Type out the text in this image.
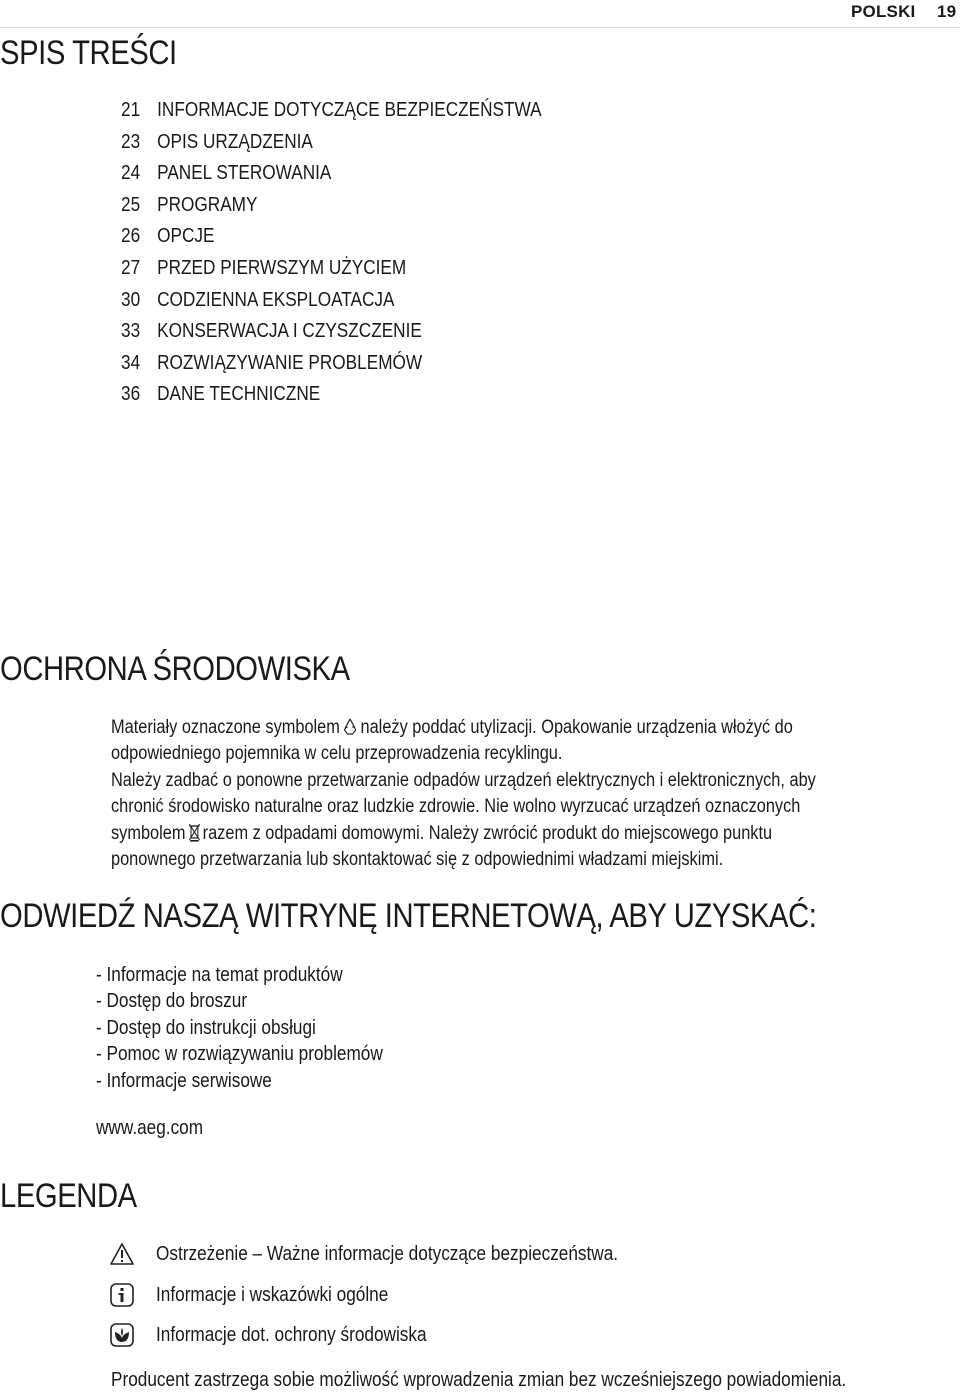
POLSKI 19
SPIS TREŚCI
21 INFORMACJE DOTYCZĄCE BEZPIECZEŃSTWA
23 OPIS URZĄDZENIA
24 PANEL STEROWANIA
25 PROGRAMY
26 OPCJE
27 PRZED PIERWSZYM UŻYCIEM
30 CODZIENNA EKSPLOATACJA
33 KONSERWACJA I CZYSZCZENIE
34 ROZWIĄZYWANIE PROBLEMÓW
36 DANE TECHNICZNE
OCHRONA ŚRODOWISKA
Materiały oznaczone symbolem należy poddać utylizacji. Opakowanie urządzenia włożyć do
odpowiedniego pojemnika w celu przeprowadzenia recyklingu.
Należy zadbać o ponowne przetwarzanie odpadów urządzeń elektrycznych i elektronicznych, aby
chronić środowisko naturalne oraz ludzkie zdrowie. Nie wolno wyrzucać urządzeń oznaczonych
symbolem razem z odpadami domowymi. Należy zwrócić produkt do miejscowego punktu
ponownego przetwarzania lub skontaktować się z odpowiednimi władzami miejskimi.
ODWIEDŹ NASZĄ WITRYNĘ INTERNETOWĄ, ABY UZYSKAĆ:
- Informacje na temat produktów
- Dostęp do broszur
- Dostęp do instrukcji obsługi
- Pomoc w rozwiązywaniu problemów
- Informacje serwisowe
www.aeg.com
LEGENDA
Ostrzeżenie – Ważne informacje dotyczące bezpieczeństwa.
Informacje i wskazówki ogólne
Informacje dot. ochrony środowiska
Producent zastrzega sobie możliwość wprowadzenia zmian bez wcześniejszego powiadomienia.
